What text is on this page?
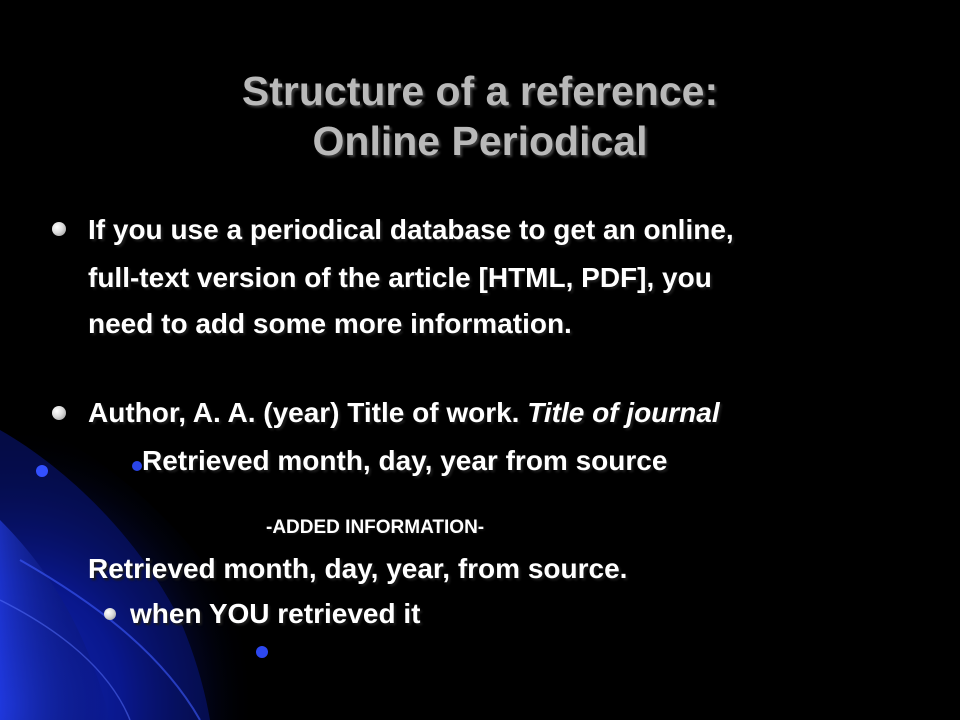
Structure of a reference:
Online Periodical
If you use a periodical database to get an online,
full-text version of the article [HTML, PDF], you
need to add some more information.
Author, A. A. (year) Title of work. Title of journal
Retrieved month, day, year from source
-ADDED INFORMATION-
Retrieved month, day, year, from source.
when YOU retrieved it
